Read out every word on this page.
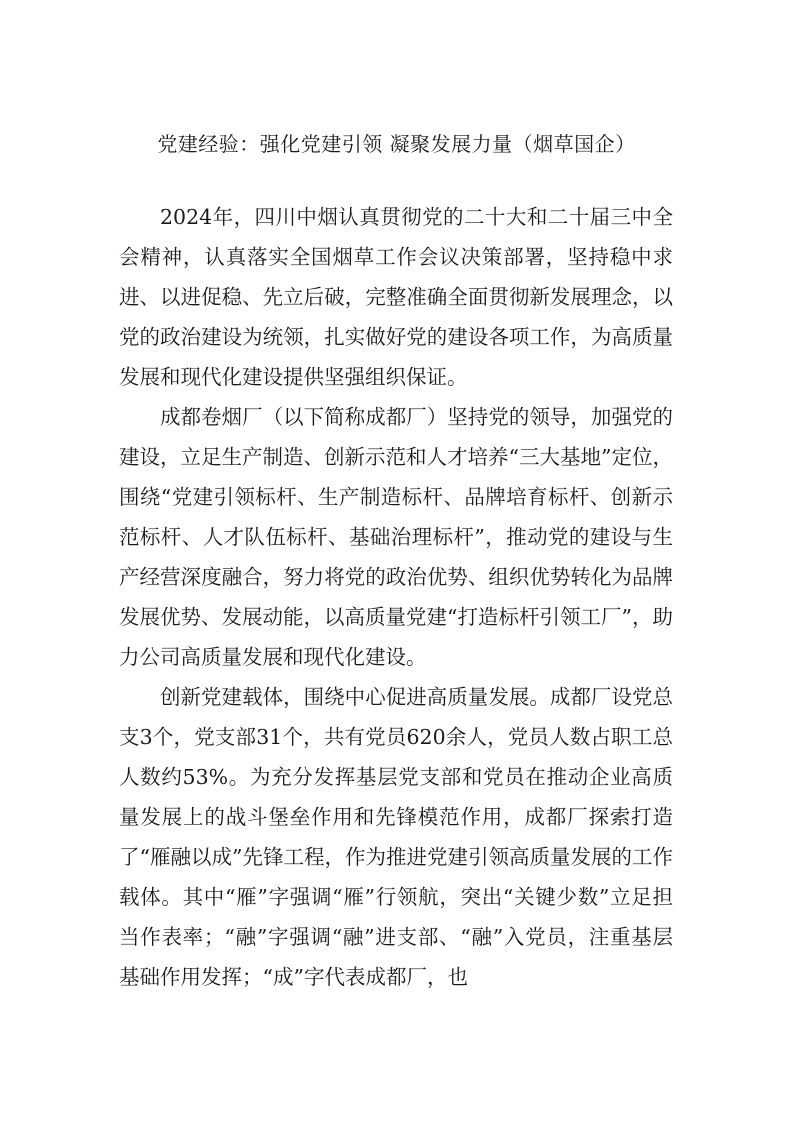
党建经验：强化党建引领 凝聚发展力量（烟草国企）

2024年，四川中烟认真贯彻党的二十大和二十届三中全会精神，认真落实全国烟草工作会议决策部署，坚持稳中求进、以进促稳、先立后破，完整准确全面贯彻新发展理念，以党的政治建设为统领，扎实做好党的建设各项工作，为高质量发展和现代化建设提供坚强组织保证。

成都卷烟厂（以下简称成都厂）坚持党的领导，加强党的建设，立足生产制造、创新示范和人才培养“三大基地”定位，围绕“党建引领标杆、生产制造标杆、品牌培育标杆、创新示范标杆、人才队伍标杆、基础治理标杆”，推动党的建设与生产经营深度融合，努力将党的政治优势、组织优势转化为品牌发展优势、发展动能，以高质量党建“打造标杆引领工厂”，助力公司高质量发展和现代化建设。

创新党建载体，围绕中心促进高质量发展。成都厂设党总支3个，党支部31个，共有党员620余人，党员人数占职工总人数约53%。为充分发挥基层党支部和党员在推动企业高质量发展上的战斗堡垒作用和先锋模范作用，成都厂探索打造了“雁融以成”先锋工程，作为推进党建引领高质量发展的工作载体。其中“雁”字强调“雁”行领航，突出“关键少数”立足担当作表率；“融”字强调“融”进支部、“融”入党员，注重基层基础作用发挥；“成”字代表成都厂，也
